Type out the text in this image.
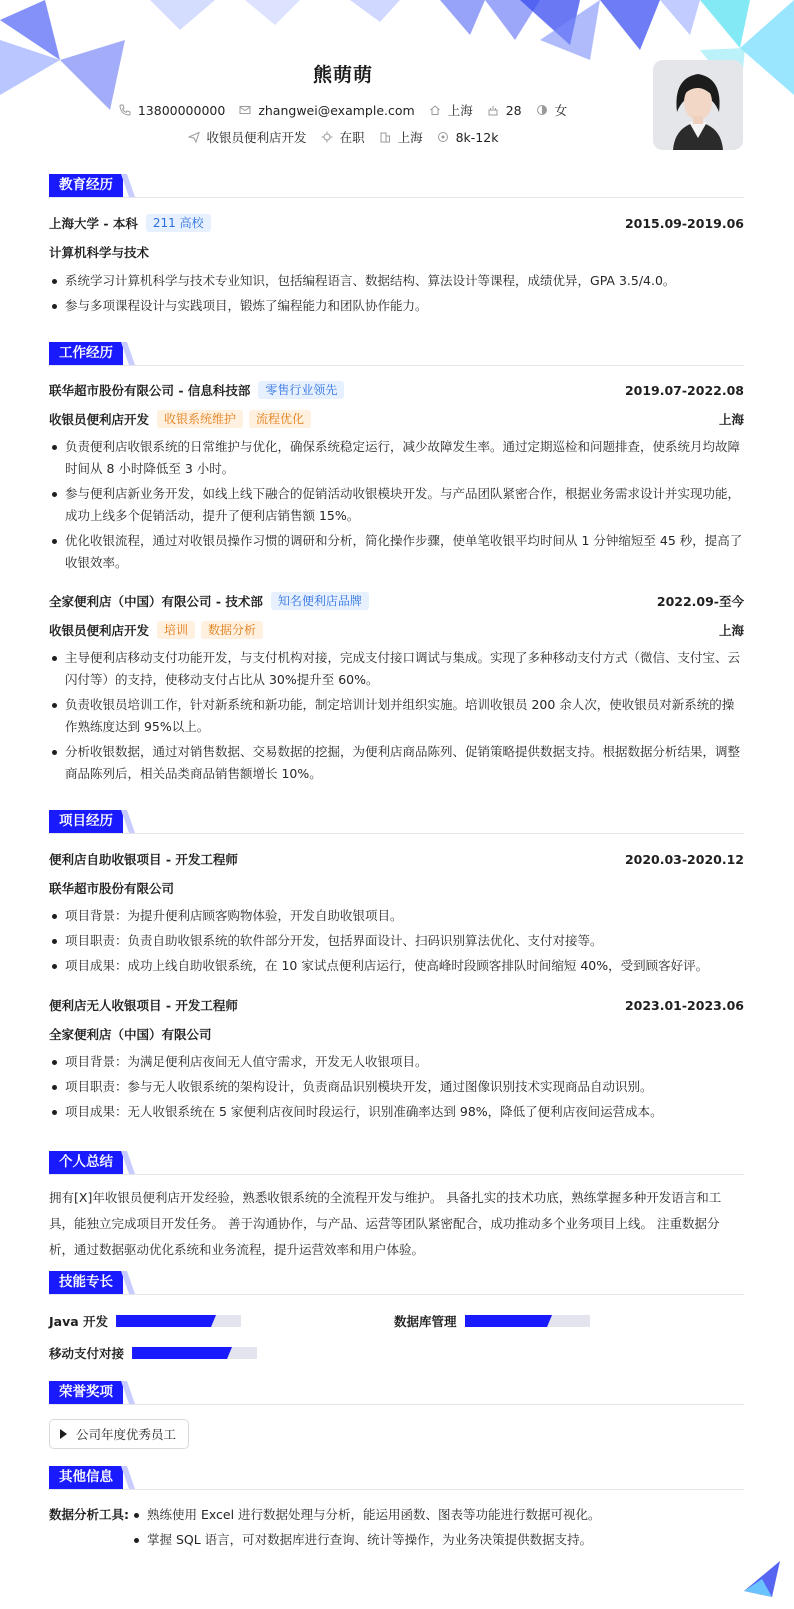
熊萌萌
13800000000	zhangwei@example.com	上海	28	女
收银员便利店开发	在职	上海	8k-12k
教育经历
上海大学 - 本科	211 高校	2015.09-2019.06
计算机科学与技术
系统学习计算机科学与技术专业知识，包括编程语言、数据结构、算法设计等课程，成绩优异，GPA 3.5/4.0。
参与多项课程设计与实践项目，锻炼了编程能力和团队协作能力。
工作经历
联华超市股份有限公司 - 信息科技部	零售行业领先	2019.07-2022.08
收银员便利店开发	收银系统维护	流程优化	上海
负责便利店收银系统的日常维护与优化，确保系统稳定运行，减少故障发生率。通过定期巡检和问题排查，使系统月均故障时间从 8 小时降低至 3 小时。
参与便利店新业务开发，如线上线下融合的促销活动收银模块开发。与产品团队紧密合作，根据业务需求设计并实现功能，成功上线多个促销活动，提升了便利店销售额 15%。
优化收银流程，通过对收银员操作习惯的调研和分析，简化操作步骤，使单笔收银平均时间从 1 分钟缩短至 45 秒，提高了收银效率。
全家便利店（中国）有限公司 - 技术部	知名便利店品牌	2022.09-至今
收银员便利店开发	培训	数据分析	上海
主导便利店移动支付功能开发，与支付机构对接，完成支付接口调试与集成。实现了多种移动支付方式（微信、支付宝、云闪付等）的支持，使移动支付占比从 30%提升至 60%。
负责收银员培训工作，针对新系统和新功能，制定培训计划并组织实施。培训收银员 200 余人次，使收银员对新系统的操作熟练度达到 95%以上。
分析收银数据，通过对销售数据、交易数据的挖掘，为便利店商品陈列、促销策略提供数据支持。根据数据分析结果，调整商品陈列后，相关品类商品销售额增长 10%。
项目经历
便利店自助收银项目 - 开发工程师	2020.03-2020.12
联华超市股份有限公司
项目背景：为提升便利店顾客购物体验，开发自助收银项目。
项目职责：负责自助收银系统的软件部分开发，包括界面设计、扫码识别算法优化、支付对接等。
项目成果：成功上线自助收银系统，在 10 家试点便利店运行，使高峰时段顾客排队时间缩短 40%，受到顾客好评。
便利店无人收银项目 - 开发工程师	2023.01-2023.06
全家便利店（中国）有限公司
项目背景：为满足便利店夜间无人值守需求，开发无人收银项目。
项目职责：参与无人收银系统的架构设计，负责商品识别模块开发，通过图像识别技术实现商品自动识别。
项目成果：无人收银系统在 5 家便利店夜间时段运行，识别准确率达到 98%，降低了便利店夜间运营成本。
个人总结
拥有[X]年收银员便利店开发经验，熟悉收银系统的全流程开发与维护。 具备扎实的技术功底，熟练掌握多种开发语言和工具，能独立完成项目开发任务。 善于沟通协作，与产品、运营等团队紧密配合，成功推动多个业务项目上线。 注重数据分析，通过数据驱动优化系统和业务流程，提升运营效率和用户体验。
技能专长
Java 开发	数据库管理
移动支付对接
荣誉奖项
公司年度优秀员工
其他信息
数据分析工具:	熟练使用 Excel 进行数据处理与分析，能运用函数、图表等功能进行数据可视化。
掌握 SQL 语言，可对数据库进行查询、统计等操作，为业务决策提供数据支持。
